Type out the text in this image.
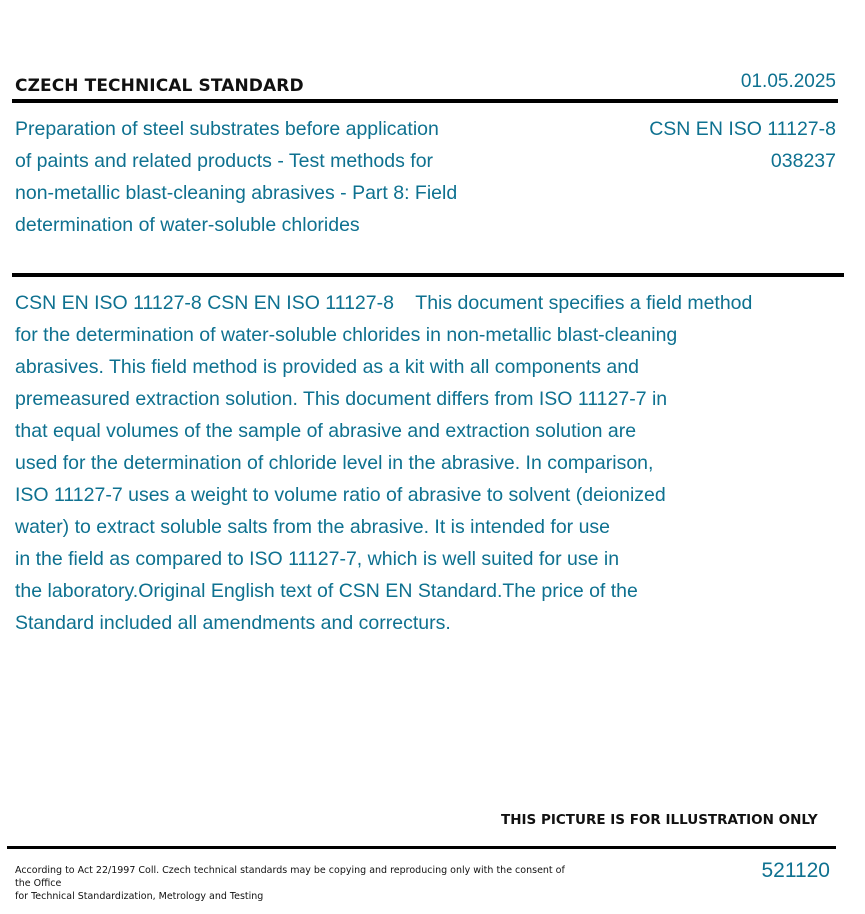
CZECH TECHNICAL STANDARD	01.05.2025
Preparation of steel substrates before application
of paints and related products - Test methods for
non-metallic blast-cleaning abrasives - Part 8: Field
determination of water-soluble chlorides
CSN EN ISO 11127-8
038237
CSN EN ISO 11127-8 CSN EN ISO 11127-8    This document specifies a field method
for the determination of water-soluble chlorides in non-metallic blast-cleaning
abrasives. This field method is provided as a kit with all components and
premeasured extraction solution. This document differs from ISO 11127-7 in
that equal volumes of the sample of abrasive and extraction solution are
used for the determination of chloride level in the abrasive. In comparison,
ISO 11127-7 uses a weight to volume ratio of abrasive to solvent (deionized
water) to extract soluble salts from the abrasive. It is intended for use
in the field as compared to ISO 11127-7, which is well suited for use in
the laboratory.Original English text of CSN EN Standard.The price of the
Standard included all amendments and correcturs.
THIS PICTURE IS FOR ILLUSTRATION ONLY
According to Act 22/1997 Coll. Czech technical standards may be copying and reproducing only with the consent of the Office
for Technical Standardization, Metrology and Testing
521120
